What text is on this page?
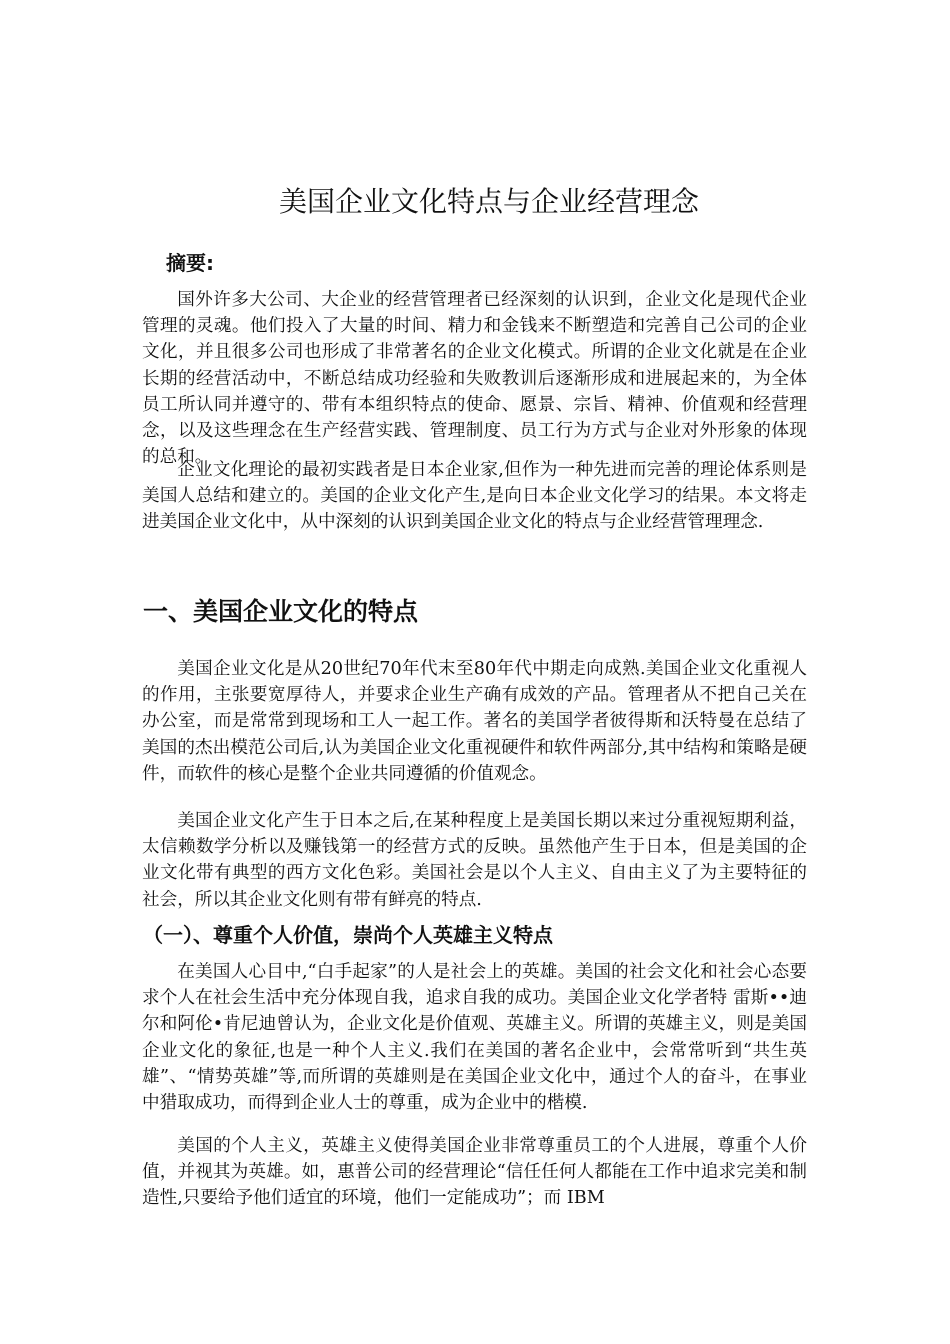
美国企业文化特点与企业经营理念
摘要:

国外许多大公司、大企业的经营管理者已经深刻的认识到，企业文化是现代企业管理的灵魂。他们投入了大量的时间、精力和金钱来不断塑造和完善自己公司的企业文化，并且很多公司也形成了非常著名的企业文化模式。所谓的企业文化就是在企业长期的经营活动中，不断总结成功经验和失败教训后逐渐形成和进展起来的，为全体员工所认同并遵守的、带有本组织特点的使命、愿景、宗旨、精神、价值观和经营理念，以及这些理念在生产经营实践、管理制度、员工行为方式与企业对外形象的体现的总和。

企业文化理论的最初实践者是日本企业家,但作为一种先进而完善的理论体系则是美国人总结和建立的。美国的企业文化产生,是向日本企业文化学习的结果。本文将走进美国企业文化中，从中深刻的认识到美国企业文化的特点与企业经营管理理念.

一、美国企业文化的特点

美国企业文化是从20世纪70年代末至80年代中期走向成熟.美国企业文化重视人的作用，主张要宽厚待人，并要求企业生产确有成效的产品。管理者从不把自己关在办公室，而是常常到现场和工人一起工作。著名的美国学者彼得斯和沃特曼在总结了美国的杰出模范公司后,认为美国企业文化重视硬件和软件两部分,其中结构和策略是硬件，而软件的核心是整个企业共同遵循的价值观念。

美国企业文化产生于日本之后,在某种程度上是美国长期以来过分重视短期利益，太信赖数学分析以及赚钱第一的经营方式的反映。虽然他产生于日本，但是美国的企业文化带有典型的西方文化色彩。美国社会是以个人主义、自由主义了为主要特征的社会，所以其企业文化则有带有鲜亮的特点.

（一）、尊重个人价值，崇尚个人英雄主义特点

在美国人心目中,“白手起家”的人是社会上的英雄。美国的社会文化和社会心态要求个人在社会生活中充分体现自我，追求自我的成功。美国企业文化学者特 雷斯••迪尔和阿伦•肯尼迪曾认为，企业文化是价值观、英雄主义。所谓的英雄主义，则是美国企业文化的象征,也是一种个人主义.我们在美国的著名企业中，会常常听到“共生英雄”、“情势英雄”等,而所谓的英雄则是在美国企业文化中，通过个人的奋斗，在事业中猎取成功，而得到企业人士的尊重，成为企业中的楷模.

美国的个人主义，英雄主义使得美国企业非常尊重员工的个人进展，尊重个人价值，并视其为英雄。如，惠普公司的经营理论“信任任何人都能在工作中追求完美和制造性,只要给予他们适宜的环境，他们一定能成功”；而 IBM
